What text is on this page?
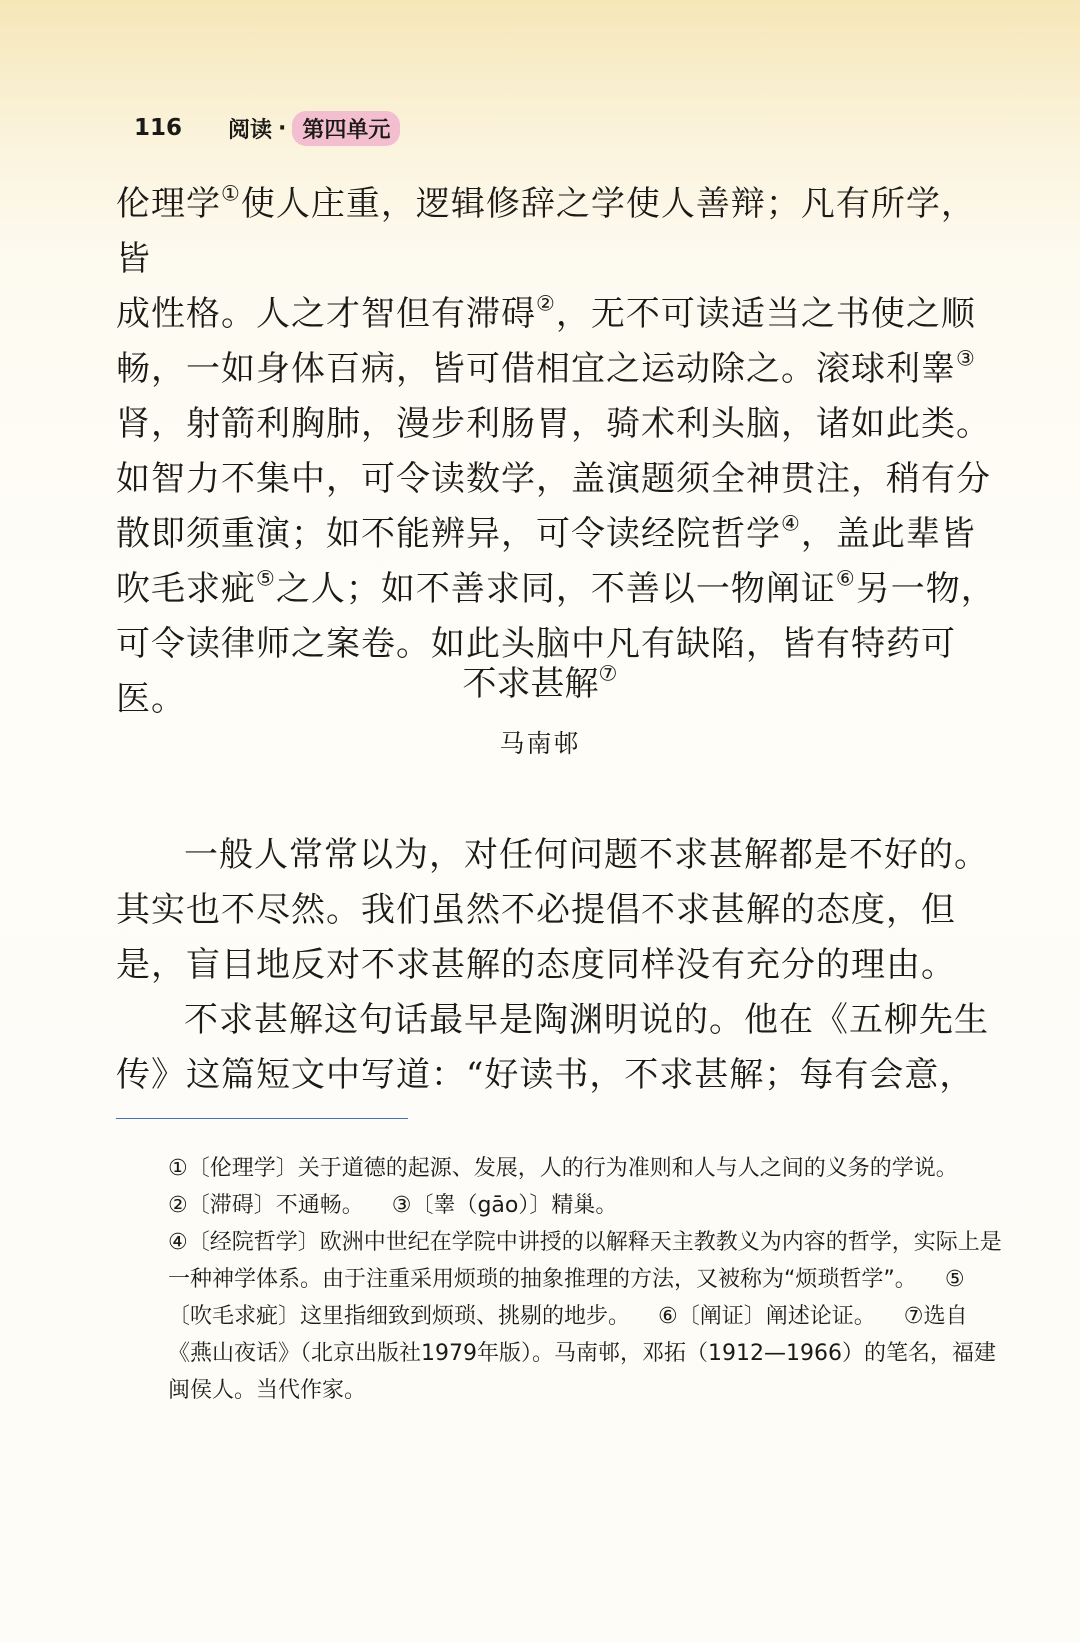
116 阅读 · 第四单元

伦理学①使人庄重，逻辑修辞之学使人善辩；凡有所学，皆

成性格。人之才智但有滞碍②，无不可读适当之书使之顺

畅，一如身体百病，皆可借相宜之运动除之。滚球利睾③

肾，射箭利胸肺，漫步利肠胃，骑术利头脑，诸如此类。

如智力不集中，可令读数学，盖演题须全神贯注，稍有分

散即须重演；如不能辨异，可令读经院哲学④，盖此辈皆

吹毛求疵⑤之人；如不善求同，不善以一物阐证⑥另一物，

可令读律师之案卷。如此头脑中凡有缺陷，皆有特药可医。	不求甚解⑦
马南邨

一般人常常以为，对任何问题不求甚解都是不好的。其实也不尽然。我们虽然不必提倡不求甚解的态度，但是，盲目地反对不求甚解的态度同样没有充分的理由。

不求甚解这句话最早是陶渊明说的。他在《五柳先生传》这篇短文中写道：“好读书，不求甚解；每有会意，

①〔伦理学〕关于道德的起源、发展，人的行为准则和人与人之间的义务的学说。②〔滞碍〕不通畅。 ③〔睾（gāo）〕精巢。

④〔经院哲学〕欧洲中世纪在学院中讲授的以解释天主教教义为内容的哲学，实际上是一种神学体系。由于注重采用烦琐的抽象推理的方法，又被称为“烦琐哲学”。 ⑤〔吹毛求疵〕这里指细致到烦琐、挑剔的地步。 ⑥〔阐证〕阐述论证。 ⑦选自《燕山夜话》（北京出版社1979年版）。马南邨，邓拓（1912—1966）的笔名，福建闽侯人。当代作家。
